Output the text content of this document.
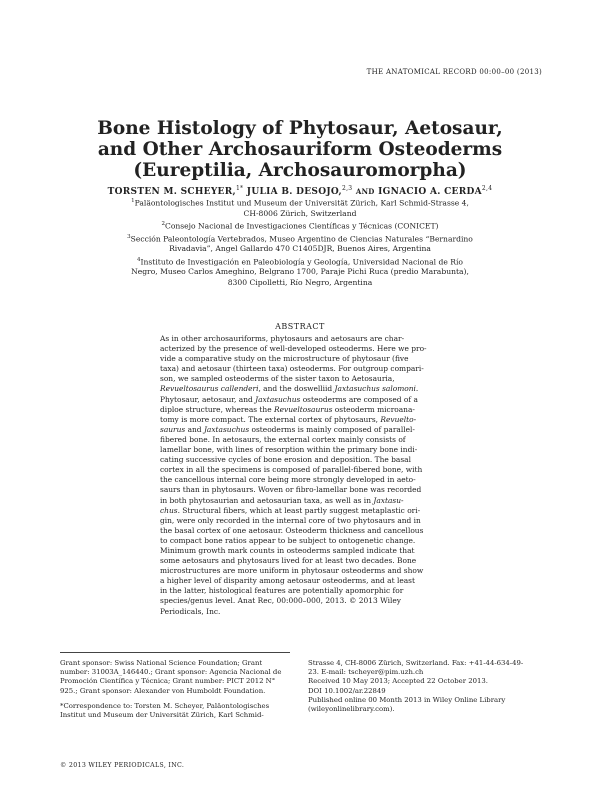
THE ANATOMICAL RECORD 00:00–00 (2013)
Bone Histology of Phytosaur, Aetosaur,
and Other Archosauriform Osteoderms
(Eureptilia, Archosauromorpha)
TORSTEN M. SCHEYER,$^{1*}$ JULIA B. DESOJO,$^{2,3}$ AND IGNACIO A. CERDA$^{2,4}$
$^1$Paläontologisches Institut und Museum der Universität Zürich, Karl Schmid-Strasse 4,
CH-8006 Zürich, Switzerland
$^2$Consejo Nacional de Investigaciones Científicas y Técnicas (CONICET)
$^3$Sección Paleontología Vertebrados, Museo Argentino de Ciencias Naturales “Bernardino
Rivadavia”, Angel Gallardo 470 C1405DJR, Buenos Aires, Argentina
$^4$Instituto de Investigación en Paleobiología y Geología, Universidad Nacional de Río
Negro, Museo Carlos Ameghino, Belgrano 1700, Paraje Pichi Ruca (predio Marabunta),
8300 Cipolletti, Río Negro, Argentina
ABSTRACT
As in other archosauriforms, phytosaurs and aetosaurs are char-
acterized by the presence of well-developed osteoderms. Here we pro-
vide a comparative study on the microstructure of phytosaur (five
taxa) and aetosaur (thirteen taxa) osteoderms. For outgroup compari-
son, we sampled osteoderms of the sister taxon to Aetosauria,
Revueltosaurus callenderi, and the doswelliid Jaxtasuchus salomoni.
Phytosaur, aetosaur, and Jaxtasuchus osteoderms are composed of a
diploe structure, whereas the Revueltosaurus osteoderm microana-
tomy is more compact. The external cortex of phytosaurs, Revuelto-
saurus and Jaxtasuchus osteoderms is mainly composed of parallel-
fibered bone. In aetosaurs, the external cortex mainly consists of
lamellar bone, with lines of resorption within the primary bone indi-
cating successive cycles of bone erosion and deposition. The basal
cortex in all the specimens is composed of parallel-fibered bone, with
the cancellous internal core being more strongly developed in aeto-
saurs than in phytosaurs. Woven or fibro-lamellar bone was recorded
in both phytosaurian and aetosaurian taxa, as well as in Jaxtasu-
chus. Structural fibers, which at least partly suggest metaplastic ori-
gin, were only recorded in the internal core of two phytosaurs and in
the basal cortex of one aetosaur. Osteoderm thickness and cancellous
to compact bone ratios appear to be subject to ontogenetic change.
Minimum growth mark counts in osteoderms sampled indicate that
some aetosaurs and phytosaurs lived for at least two decades. Bone
microstructures are more uniform in phytosaur osteoderms and show
a higher level of disparity among aetosaur osteoderms, and at least
in the latter, histological features are potentially apomorphic for
species/genus level. Anat Rec, 00:000–000, 2013. © 2013 Wiley
Periodicals, Inc.
Grant sponsor: Swiss National Science Foundation; Grant
number: 31003A_146440.; Grant sponsor: Agencia Nacional de
Promoción Científica y Técnica; Grant number: PICT 2012 N°
925.; Grant sponsor: Alexander von Humboldt Foundation.
*Correspondence to: Torsten M. Scheyer, Paläontologisches
Institut und Museum der Universität Zürich, Karl Schmid-
Strasse 4, CH-8006 Zürich, Switzerland. Fax: +41-44-634-49-
23. E-mail: tscheyer@pim.uzh.ch
Received 10 May 2013; Accepted 22 October 2013.
DOI 10.1002/ar.22849
Published online 00 Month 2013 in Wiley Online Library
(wileyonlinelibrary.com).
© 2013 WILEY PERIODICALS, INC.
